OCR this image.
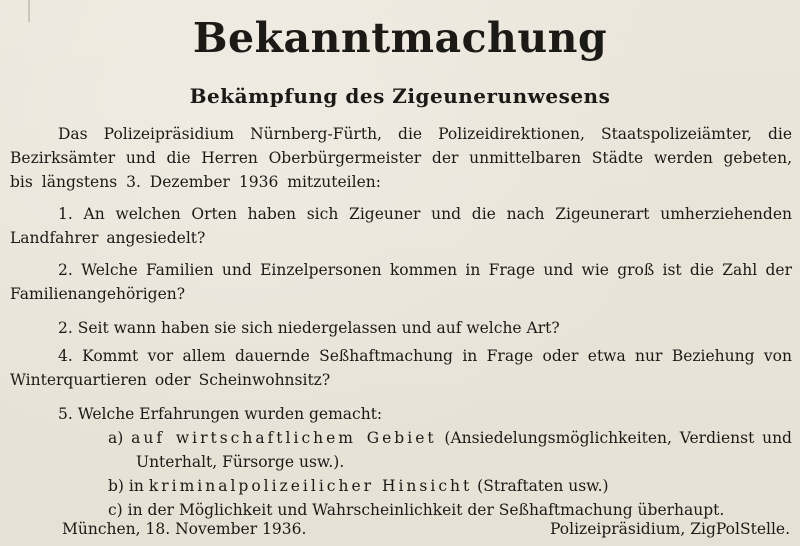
Bekanntmachung
Bekämpfung des Zigeunerunwesens
Das Polizeipräsidium Nürnberg-Fürth, die Polizeidirektionen, Staatspolizeiämter, die Bezirksämter und die Herren Oberbürgermeister der unmittelbaren Städte werden gebeten, bis längstens 3. Dezember 1936 mitzuteilen:
1. An welchen Orten haben sich Zigeuner und die nach Zigeunerart umherziehenden Landfahrer angesiedelt?
2. Welche Familien und Einzelpersonen kommen in Frage und wie groß ist die Zahl der Familienangehörigen?
2. Seit wann haben sie sich niedergelassen und auf welche Art?
4. Kommt vor allem dauernde Seßhaftmachung in Frage oder etwa nur Beziehung von Winterquartieren oder Scheinwohnsitz?
5. Welche Erfahrungen wurden gemacht:
a) auf wirtschaftlichem Gebiet (Ansiedelungsmöglichkeiten, Verdienst und Unterhalt, Fürsorge usw.).
b) in kriminalpolizeilicher Hinsicht (Straftaten usw.)
c) in der Möglichkeit und Wahrscheinlichkeit der Seßhaftmachung überhaupt.
München, 18. November 1936.	Polizeipräsidium, ZigPolStelle.
